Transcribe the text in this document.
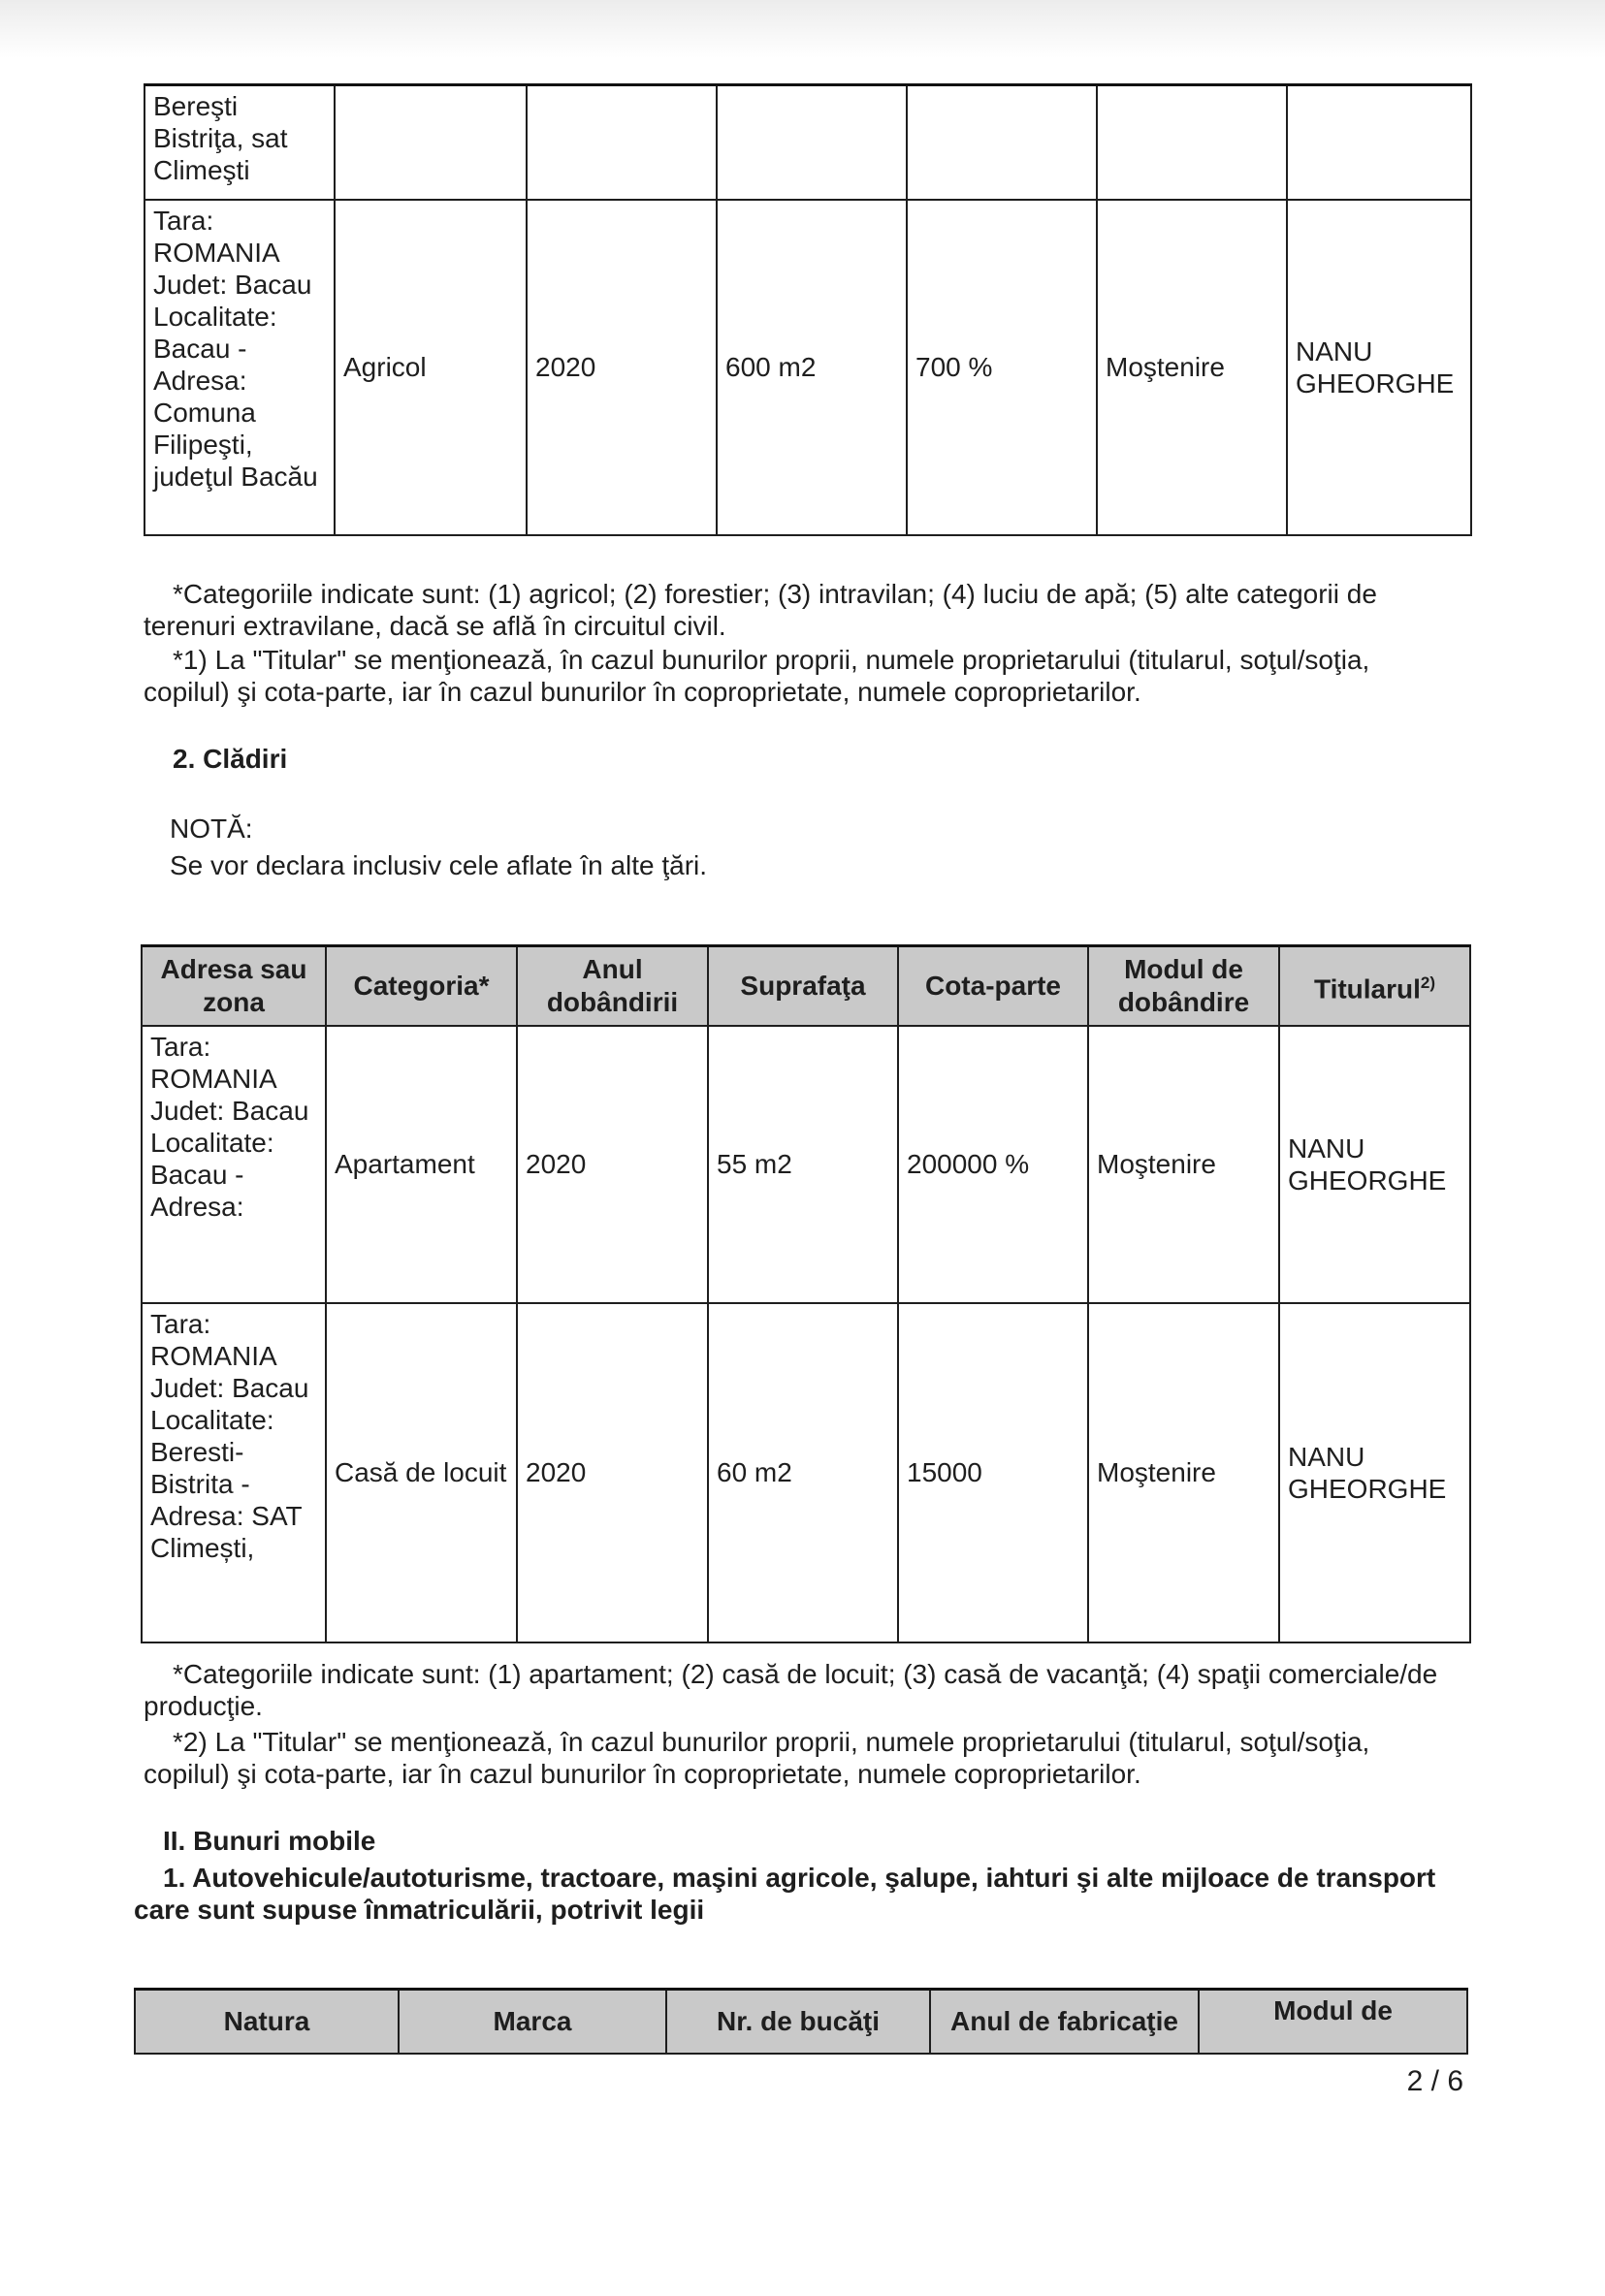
Bereşti Bistriţa, sat Climeşti						
Tara: ROMANIA Judet: Bacau Localitate: Bacau - Adresa: Comuna Filipeşti, judeţul Bacău	Agricol	2020	600 m2	700 %	Moştenire	NANU GHEORGHE
*Categoriile indicate sunt: (1) agricol; (2) forestier; (3) intravilan; (4) luciu de apă; (5) alte categorii de terenuri extravilane, dacă se află în circuitul civil.
*1) La "Titular" se menţionează, în cazul bunurilor proprii, numele proprietarului (titularul, soţul/soţia, copilul) şi cota-parte, iar în cazul bunurilor în coproprietate, numele coproprietarilor.
2. Clădiri
NOTĂ:
Se vor declara inclusiv cele aflate în alte ţări.
Adresa sau zona	Categoria*	Anul dobândirii	Suprafaţa	Cota-parte	Modul de dobândire	Titularul$^{2)}$
Tara: ROMANIA Judet: Bacau Localitate: Bacau - Adresa:	Apartament	2020	55 m2	200000 %	Moştenire	NANU GHEORGHE
Tara: ROMANIA Judet: Bacau Localitate: Beresti-Bistrita - Adresa: SAT Climești,	Casă de locuit	2020	60 m2	15000	Moştenire	NANU GHEORGHE
*Categoriile indicate sunt: (1) apartament; (2) casă de locuit; (3) casă de vacanţă; (4) spaţii comerciale/de producţie.
*2) La "Titular" se menţionează, în cazul bunurilor proprii, numele proprietarului (titularul, soţul/soţia, copilul) şi cota-parte, iar în cazul bunurilor în coproprietate, numele coproprietarilor.
II. Bunuri mobile
1. Autovehicule/autoturisme, tractoare, maşini agricole, şalupe, iahturi şi alte mijloace de transport care sunt supuse înmatriculării, potrivit legii
Natura	Marca	Nr. de bucăţi	Anul de fabricaţie	Modul de
2 / 6
